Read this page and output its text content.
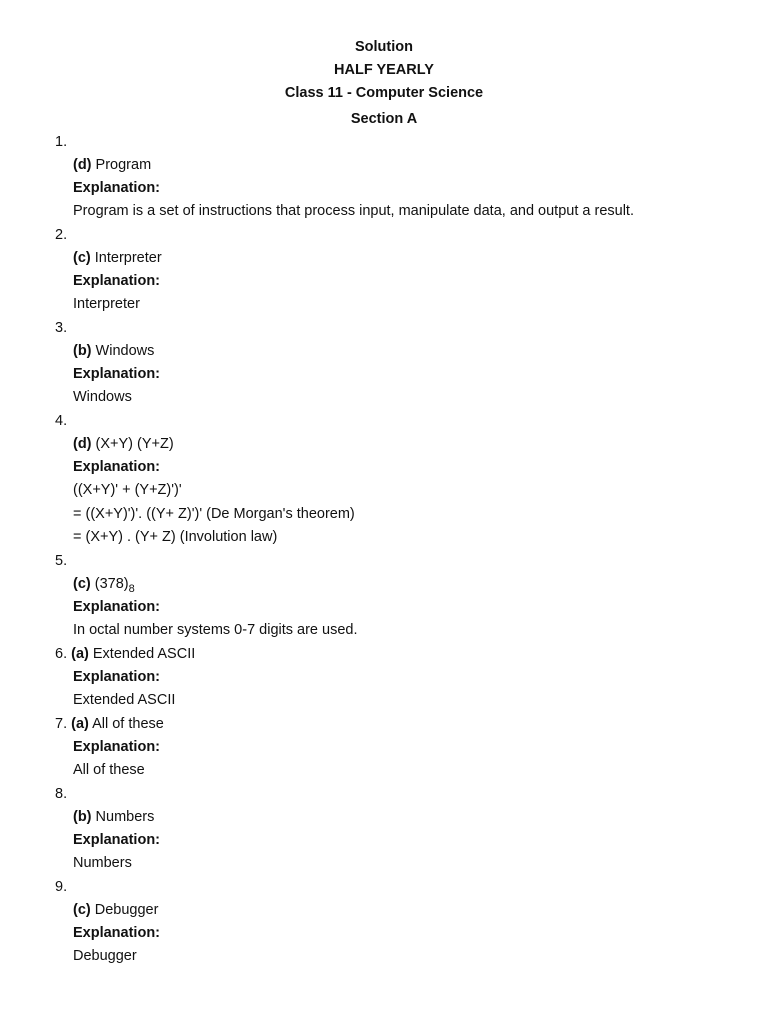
Solution
HALF YEARLY
Class 11 - Computer Science
Section A
1.
(d) Program
Explanation:
Program is a set of instructions that process input, manipulate data, and output a result.
2.
(c) Interpreter
Explanation:
Interpreter
3.
(b) Windows
Explanation:
Windows
4.
(d) (X+Y) (Y+Z)
Explanation:
((X+Y)' + (Y+Z)')'
= ((X+Y)')'. ((Y+ Z)')' (De Morgan's theorem)
= (X+Y) . (Y+ Z) (Involution law)
5.
(c) $(378)_8$
Explanation:
In octal number systems 0-7 digits are used.
6. (a) Extended ASCII
Explanation:
Extended ASCII
7. (a) All of these
Explanation:
All of these
8.
(b) Numbers
Explanation:
Numbers
9.
(c) Debugger
Explanation:
Debugger
